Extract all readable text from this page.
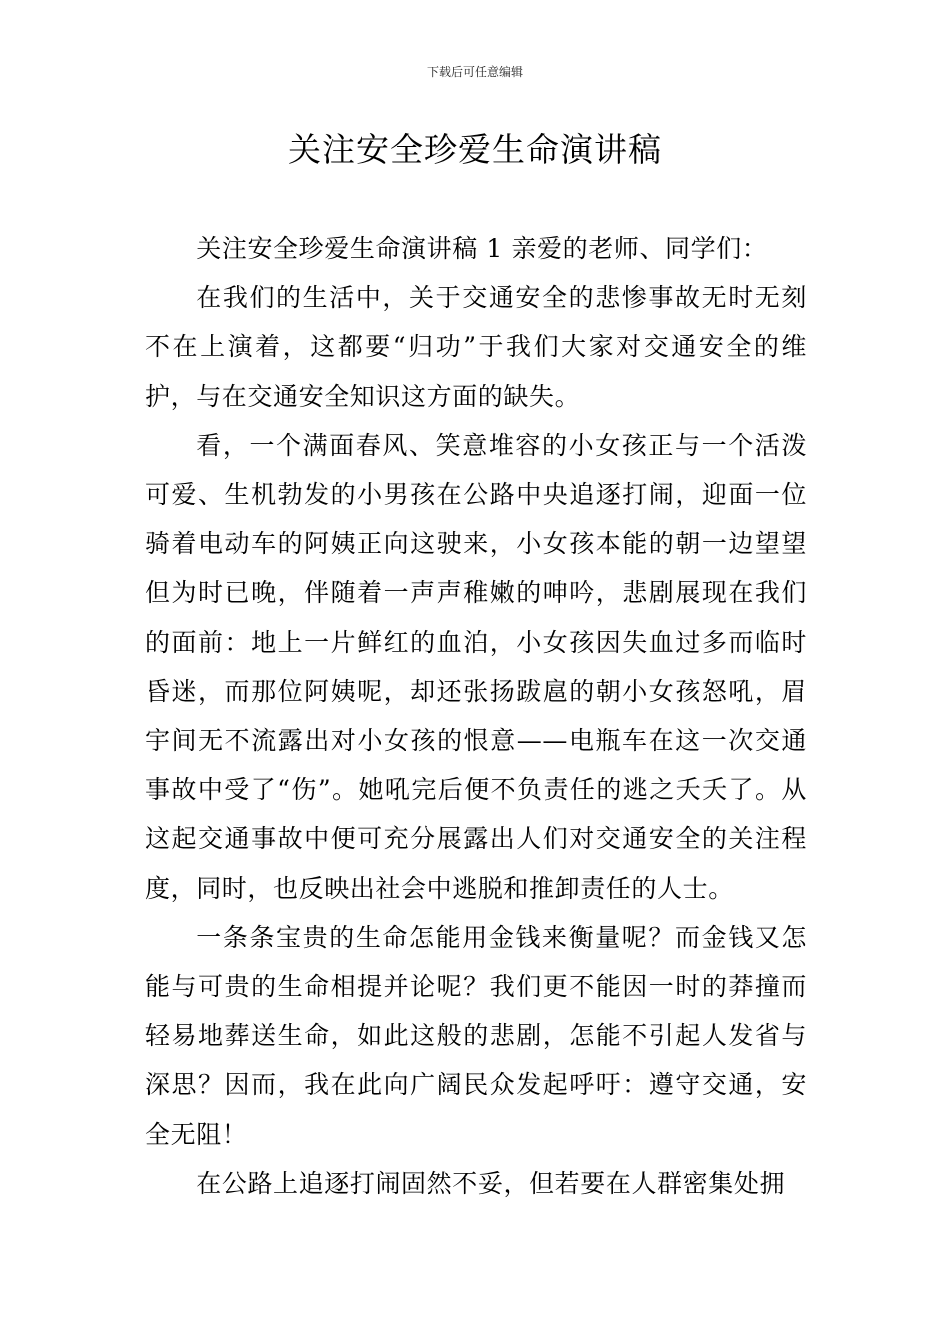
下载后可任意编辑
关注安全珍爱生命演讲稿

关注安全珍爱生命演讲稿 1 亲爱的老师、同学们：

在我们的生活中，关于交通安全的悲惨事故无时无刻不在上演着，这都要“归功”于我们大家对交通安全的维护，与在交通安全知识这方面的缺失。

看，一个满面春风、笑意堆容的小女孩正与一个活泼可爱、生机勃发的小男孩在公路中央追逐打闹，迎面一位骑着电动车的阿姨正向这驶来，小女孩本能的朝一边望望但为时已晚，伴随着一声声稚嫩的呻吟，悲剧展现在我们的面前：地上一片鲜红的血泊，小女孩因失血过多而临时昏迷，而那位阿姨呢，却还张扬跋扈的朝小女孩怒吼，眉宇间无不流露出对小女孩的恨意——电瓶车在这一次交通事故中受了“伤”。她吼完后便不负责任的逃之夭夭了。从这起交通事故中便可充分展露出人们对交通安全的关注程度，同时，也反映出社会中逃脱和推卸责任的人士。

一条条宝贵的生命怎能用金钱来衡量呢？而金钱又怎能与可贵的生命相提并论呢？我们更不能因一时的莽撞而轻易地葬送生命，如此这般的悲剧，怎能不引起人发省与深思？因而，我在此向广阔民众发起呼吁：遵守交通，安全无阻！

在公路上追逐打闹固然不妥，但若要在人群密集处拥
